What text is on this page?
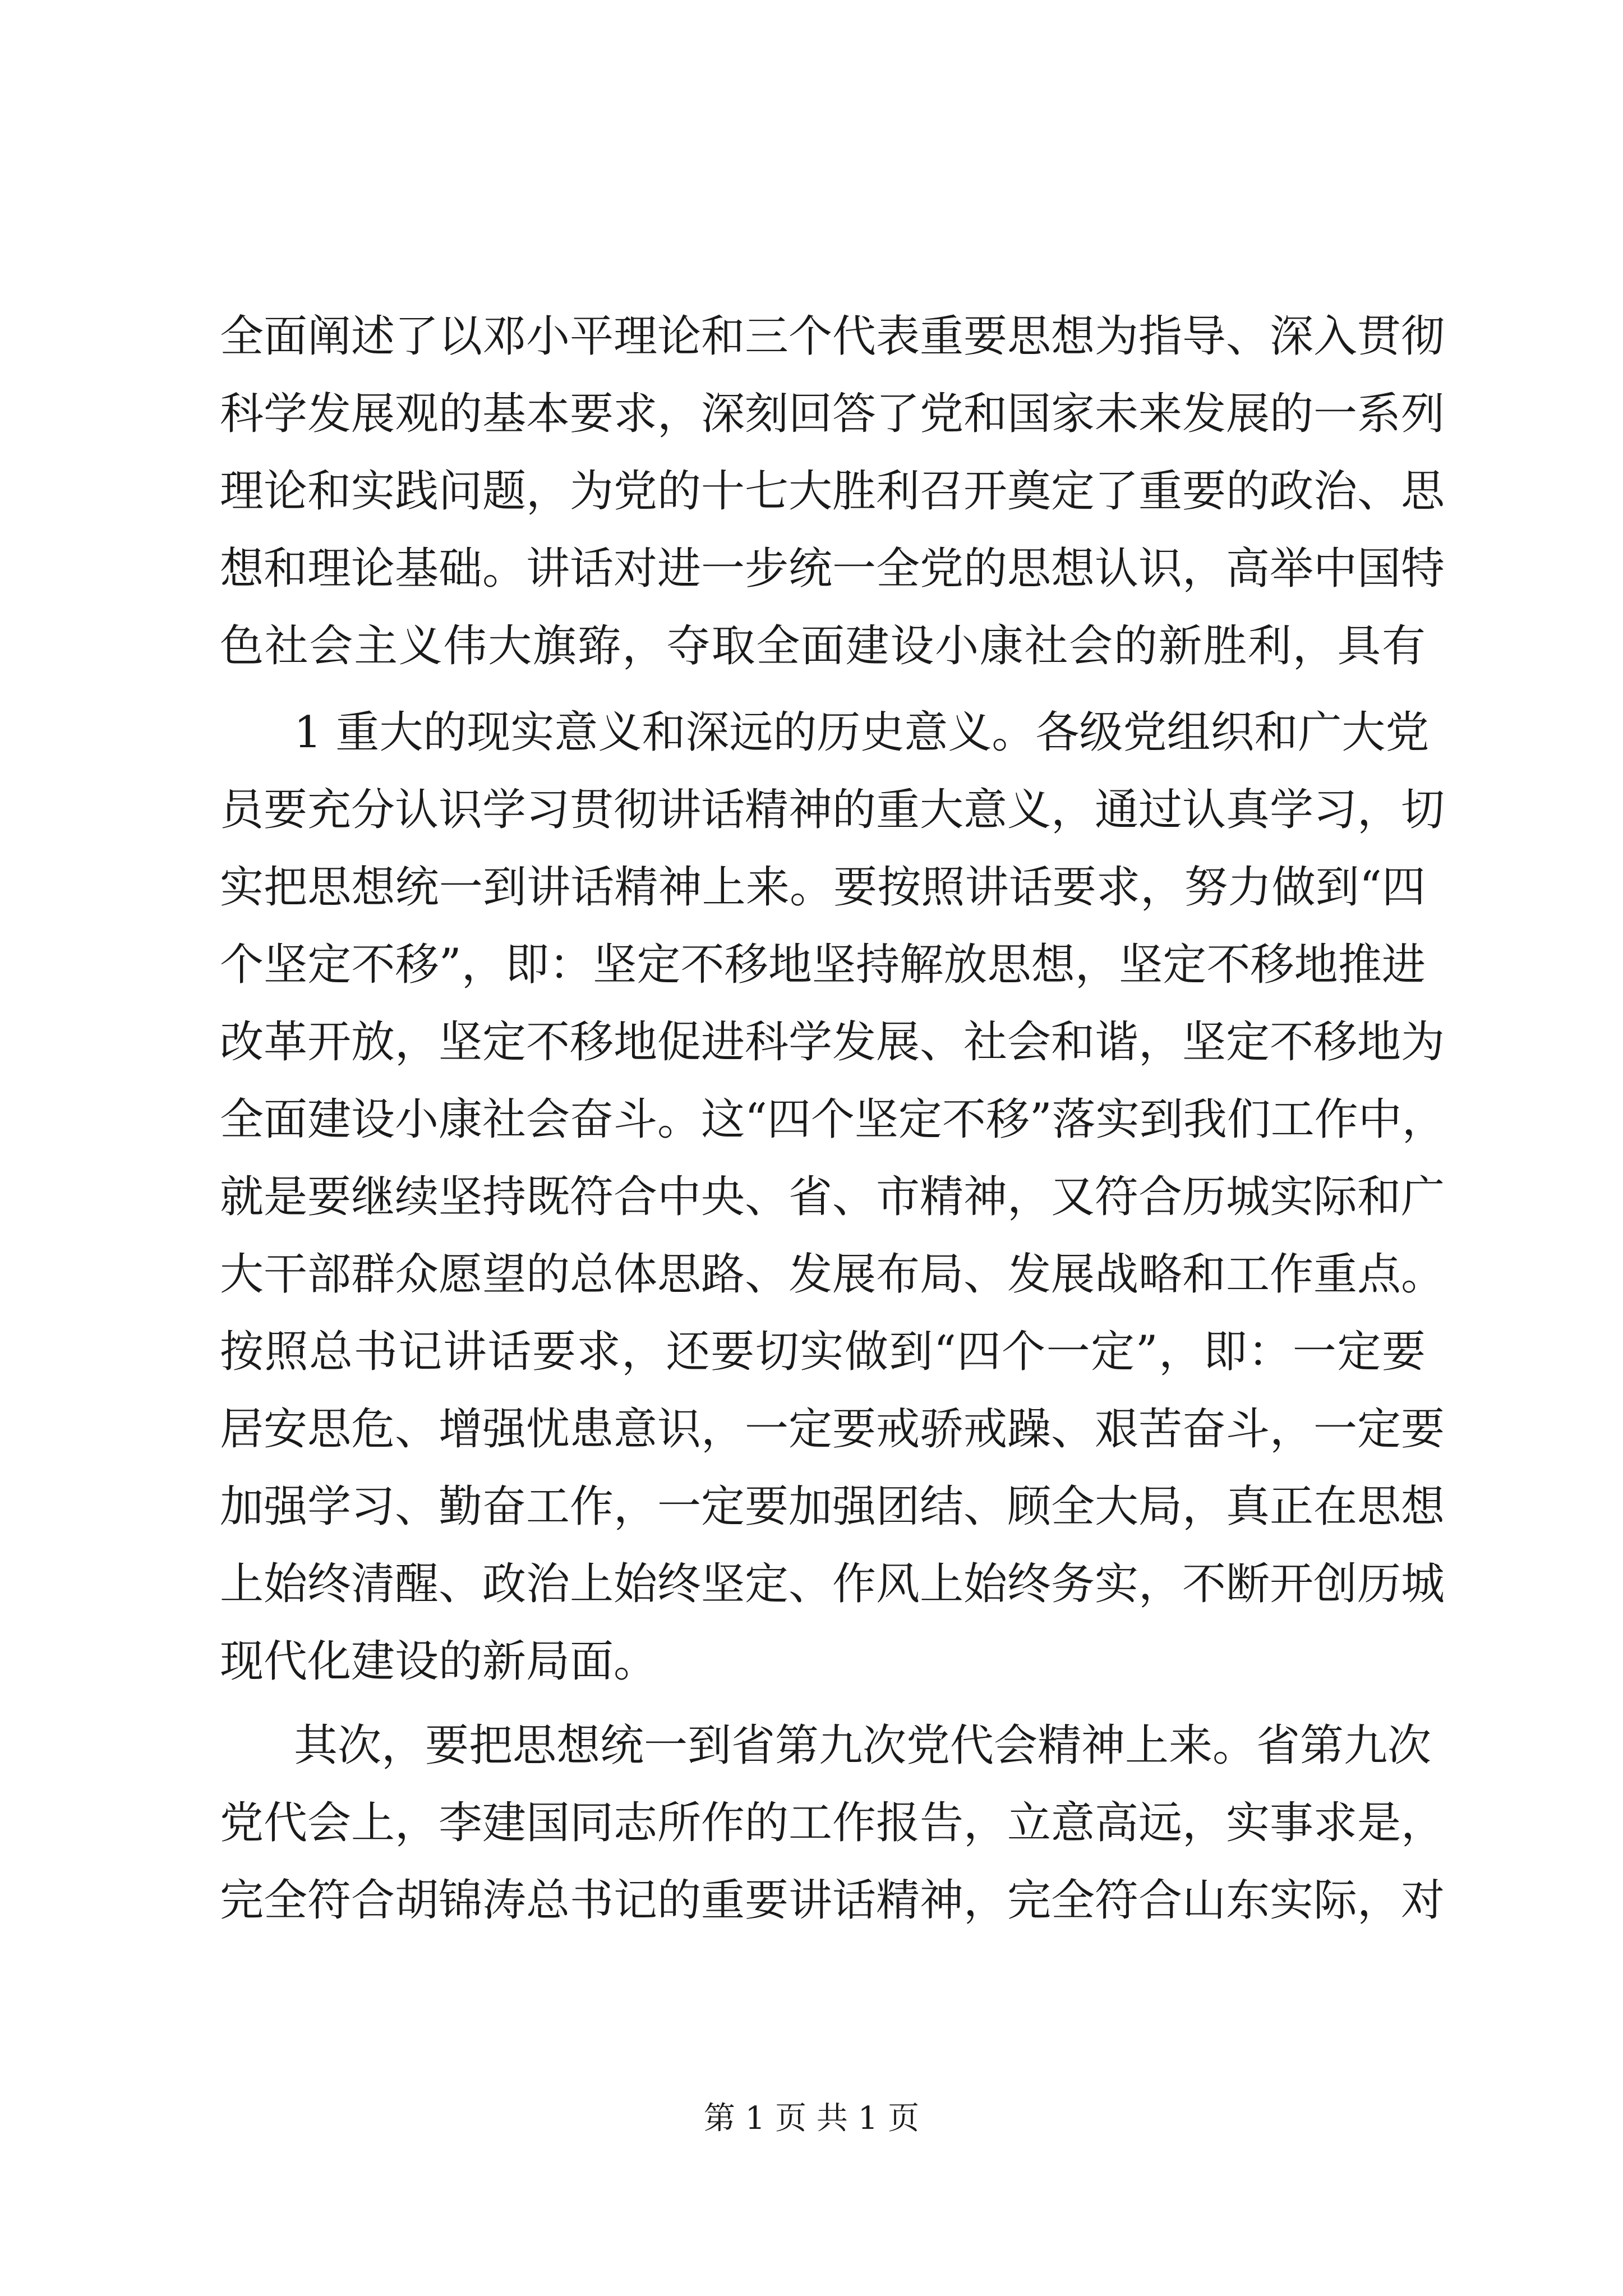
全面阐述了以邓小平理论和三个代表重要思想为指导、深入贯彻
科学发展观的基本要求，深刻回答了党和国家未来发展的一系列
理论和实践问题，为党的十七大胜利召开奠定了重要的政治、思
想和理论基础。讲话对进一步统一全党的思想认识，高举中国特
色社会主义伟大旗臶，夺取全面建设小康社会的新胜利，具有
1 重大的现实意义和深远的历史意义。各级党组织和广大党
员要充分认识学习贯彻讲话精神的重大意义，通过认真学习，切
实把思想统一到讲话精神上来。要按照讲话要求，努力做到“四
个坚定不移”，即：坚定不移地坚持解放思想，坚定不移地推进
改革开放，坚定不移地促进科学发展、社会和谐，坚定不移地为
全面建设小康社会奋斗。这“四个坚定不移”落实到我们工作中，
就是要继续坚持既符合中央、省、市精神，又符合历城实际和广
大干部群众愿望的总体思路、发展布局、发展战略和工作重点。
按照总书记讲话要求，还要切实做到“四个一定”，即：一定要
居安思危、增强忧患意识，一定要戒骄戒躁、艰苦奋斗，一定要
加强学习、勤奋工作，一定要加强团结、顾全大局，真正在思想
上始终清醒、政治上始终坚定、作风上始终务实，不断开创历城
现代化建设的新局面。
其次，要把思想统一到省第九次党代会精神上来。省第九次
党代会上，李建国同志所作的工作报告，立意高远，实事求是，
完全符合胡锦涛总书记的重要讲话精神，完全符合山东实际，对
第 1 页 共 1 页
